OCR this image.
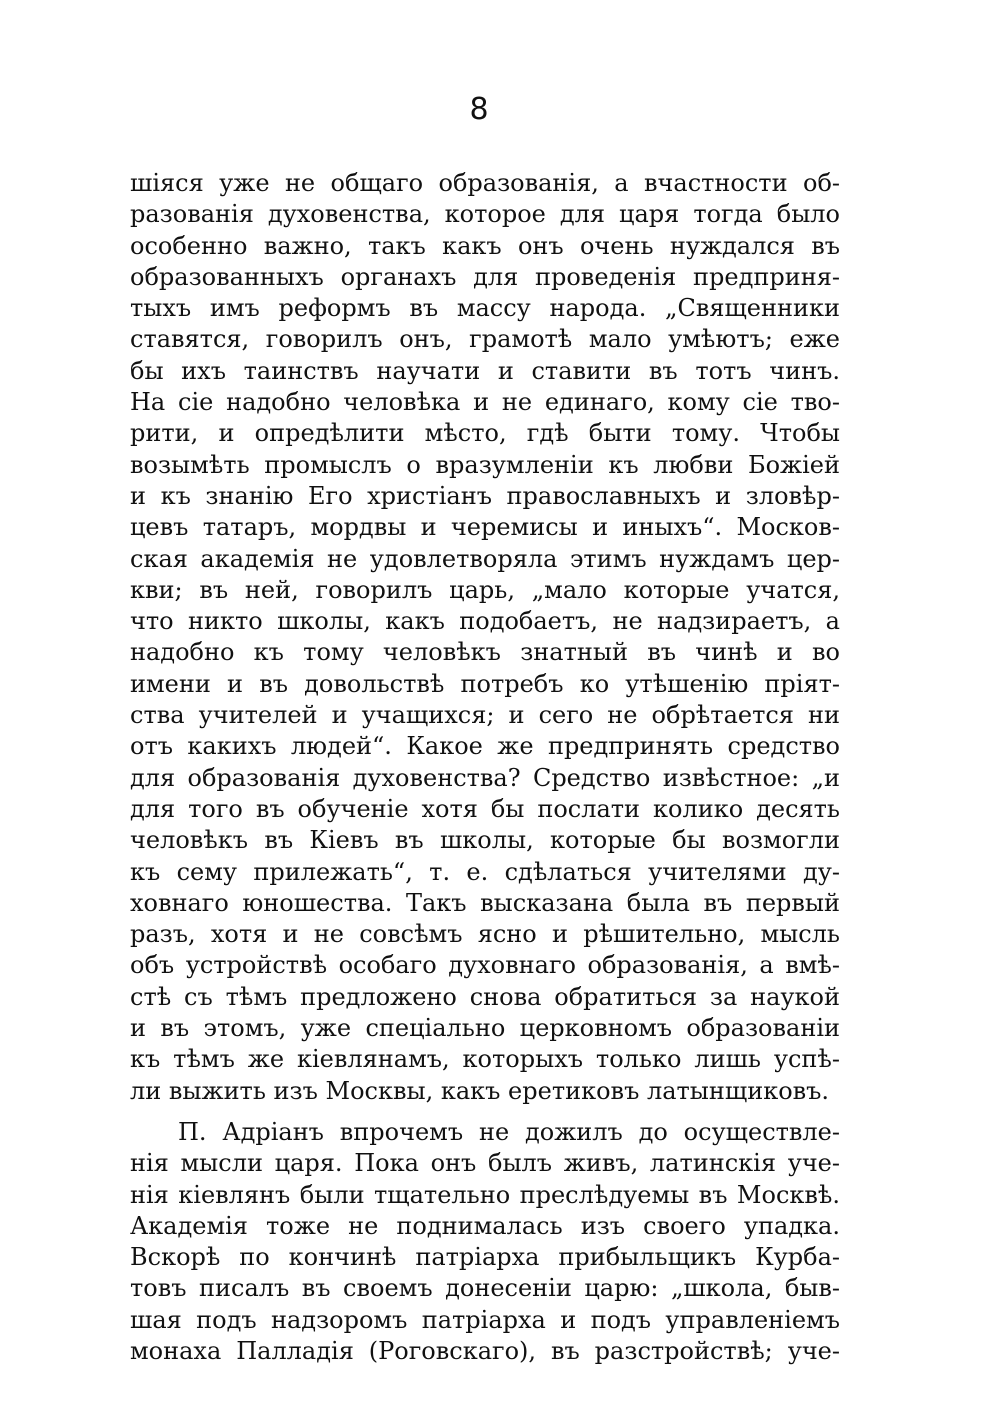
8
шiяся уже не общаго образованiя, а вчастности об-
разованiя духовенства, которое для царя тогда было
особенно важно, такъ какъ онъ очень нуждался въ
образованныхъ органахъ для проведенiя предприня-
тыхъ имъ реформъ въ массу народа. „Священники
ставятся, говорилъ онъ, грамотѣ мало умѣютъ; еже
бы ихъ таинствъ научати и ставити въ тотъ чинъ.
На сiе надобно человѣка и не единаго, кому сiе тво-
рити, и опредѣлити мѣсто, гдѣ быти тому. Чтобы
возымѣть промыслъ о вразумленiи къ любви Божiей
и къ знанiю Его христiанъ православныхъ и зловѣр-
цевъ татаръ, мордвы и черемисы и иныхъ“. Москов-
ская академiя не удовлетворяла этимъ нуждамъ цер-
кви; въ ней, говорилъ царь, „мало которые учатся,
что никто школы, какъ подобаетъ, не надзираетъ, а
надобно къ тому человѣкъ знатный въ чинѣ и во
имени и въ довольствѣ потребъ ко утѣшенiю прiят-
ства учителей и учащихся; и сего не обрѣтается ни
отъ какихъ людей“. Какое же предпринять средство
для образованiя духовенства? Средство извѣстное: „и
для того въ обученiе хотя бы послати колико десять
человѣкъ въ Кiевъ въ школы, которые бы возмогли
къ сему прилежать“, т. е. сдѣлаться учителями ду-
ховнаго юношества. Такъ высказана была въ первый
разъ, хотя и не совсѣмъ ясно и рѣшительно, мысль
объ устройствѣ особаго духовнаго образованiя, а вмѣ-
стѣ съ тѣмъ предложено снова обратиться за наукой
и въ этомъ, уже спецiально церковномъ образованiи
къ тѣмъ же кiевлянамъ, которыхъ только лишь успѣ-
ли выжить изъ Москвы, какъ еретиковъ латынщиковъ.
П. Адрiанъ впрочемъ не дожилъ до осуществле-
нiя мысли царя. Пока онъ былъ живъ, латинскiя уче-
нiя кiевлянъ были тщательно преслѣдуемы въ Москвѣ.
Академiя тоже не поднималась изъ своего упадка.
Вскорѣ по кончинѣ патрiарха прибыльщикъ Курба-
товъ писалъ въ своемъ донесенiи царю: „школа, быв-
шая подъ надзоромъ патрiарха и подъ управленiемъ
монаха Палладiя (Роговскаго), въ разстройствѣ; уче-
